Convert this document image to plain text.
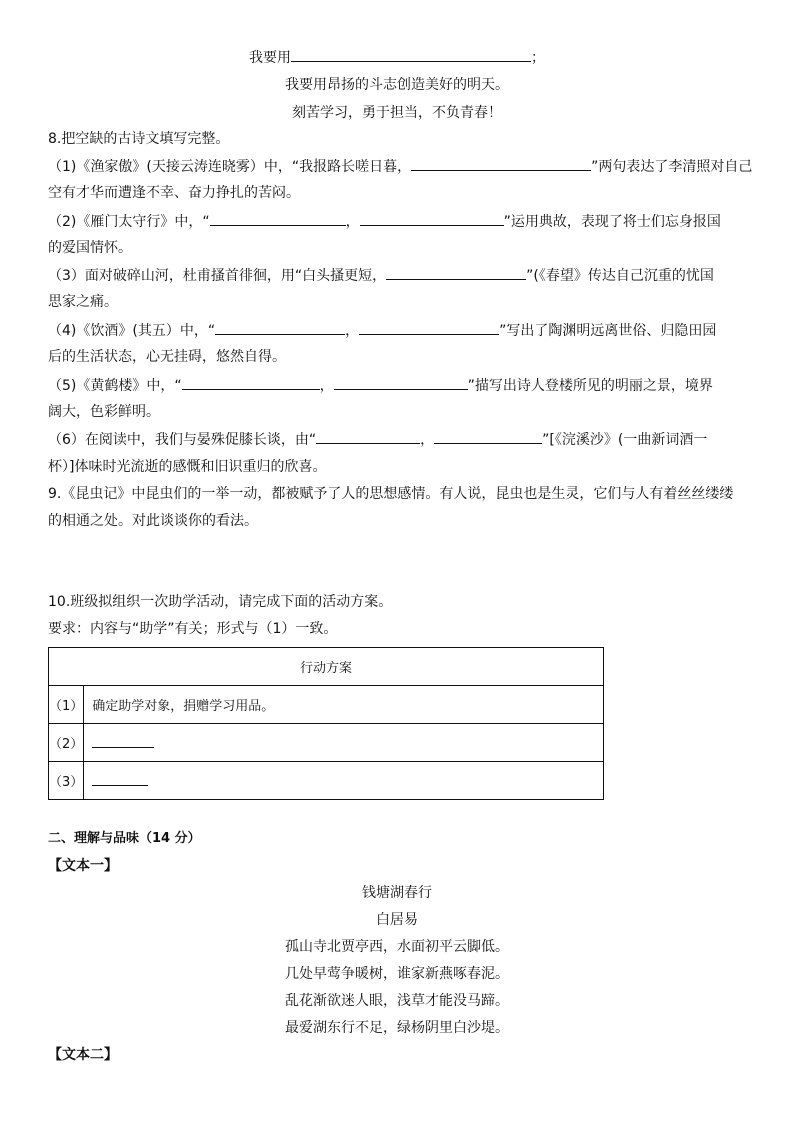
我要用	；
我要用昂扬的斗志创造美好的明天。
刻苦学习，勇于担当，不负青春！
8.把空缺的古诗文填写完整。
（1)《渔家傲》(天接云涛连晓雾）中，“我报路长嗟日暮，	”两句表达了李清照对自己
空有才华而遭逢不幸、奋力挣扎的苦闷。
（2)《雁门太守行》中，“	，	”运用典故，表现了将士们忘身报国
的爱国情怀。
（3）面对破碎山河，杜甫搔首徘徊，用“白头搔更短，	”(《春望》传达自己沉重的忧国
思家之痛。
（4)《饮酒》(其五）中，“	，	”写出了陶渊明远离世俗、归隐田园
后的生活状态，心无挂碍，悠然自得。
（5)《黄鹤楼》中，“	，	”描写出诗人登楼所见的明丽之景，境界
阔大，色彩鲜明。
（6）在阅读中，我们与晏殊促膝长谈，由“	，	”[《浣溪沙》(一曲新词酒一
杯）]体味时光流逝的感慨和旧识重归的欣喜。
9.《昆虫记》中昆虫们的一举一动，都被赋予了人的思想感情。有人说，昆虫也是生灵，它们与人有着丝丝缕缕
的相通之处。对此谈谈你的看法。
10.班级拟组织一次助学活动，请完成下面的活动方案。
要求：内容与“助学”有关；形式与（1）一致。
行动方案	
（1）	确定助学对象，捐赠学习用品。
（2）	
（3）	
二、理解与品味（14 分）
【文本一】
钱塘湖春行
白居易
孤山寺北贾亭西，水面初平云脚低。
几处早莺争暖树，谁家新燕啄春泥。
乱花渐欲迷人眼，浅草才能没马蹄。
最爱湖东行不足，绿杨阴里白沙堤。
【文本二】
